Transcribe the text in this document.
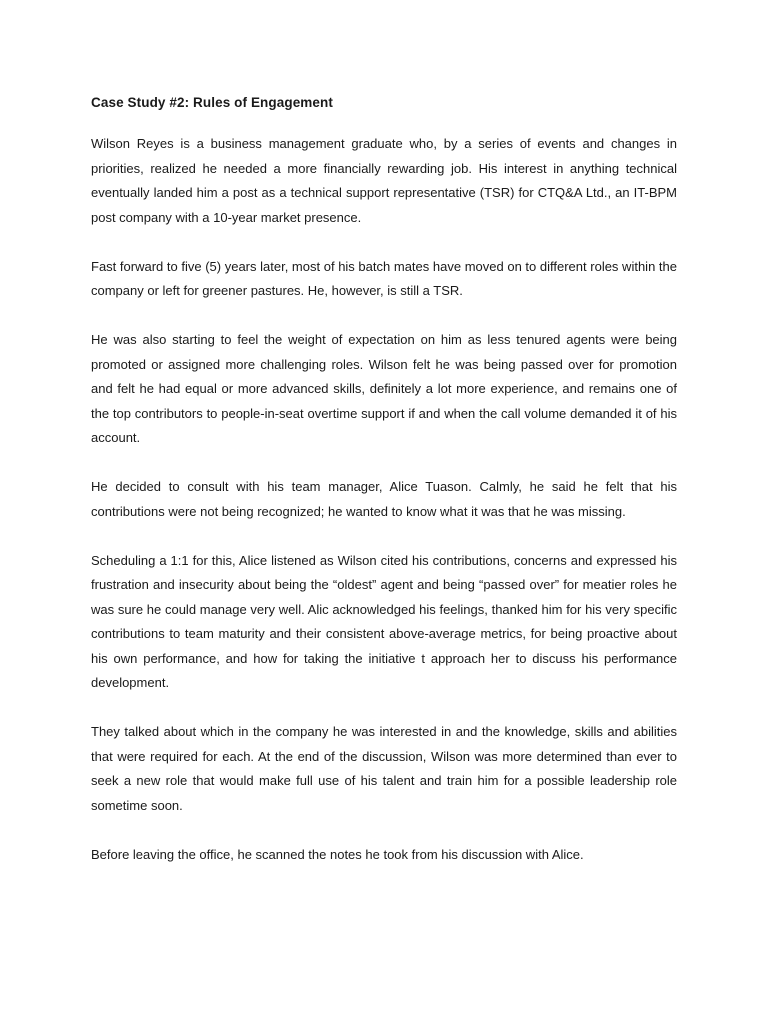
Case Study #2: Rules of Engagement

Wilson Reyes is a business management graduate who, by a series of events and changes in priorities, realized he needed a more financially rewarding job. His interest in anything technical eventually landed him a post as a technical support representative (TSR) for CTQ&A Ltd., an IT-BPM post company with a 10-year market presence.

Fast forward to five (5) years later, most of his batch mates have moved on to different roles within the company or left for greener pastures. He, however, is still a TSR.

He was also starting to feel the weight of expectation on him as less tenured agents were being promoted or assigned more challenging roles. Wilson felt he was being passed over for promotion and felt he had equal or more advanced skills, definitely a lot more experience, and remains one of the top contributors to people-in-seat overtime support if and when the call volume demanded it of his account.

He decided to consult with his team manager, Alice Tuason. Calmly, he said he felt that his contributions were not being recognized; he wanted to know what it was that he was missing.

Scheduling a 1:1 for this, Alice listened as Wilson cited his contributions, concerns and expressed his frustration and insecurity about being the “oldest” agent and being “passed over” for meatier roles he was sure he could manage very well. Alic acknowledged his feelings, thanked him for his very specific contributions to team maturity and their consistent above-average metrics, for being proactive about his own performance, and how for taking the initiative t approach her to discuss his performance development.

They talked about which in the company he was interested in and the knowledge, skills and abilities that were required for each. At the end of the discussion, Wilson was more determined than ever to seek a new role that would make full use of his talent and train him for a possible leadership role sometime soon.

Before leaving the office, he scanned the notes he took from his discussion with Alice.
